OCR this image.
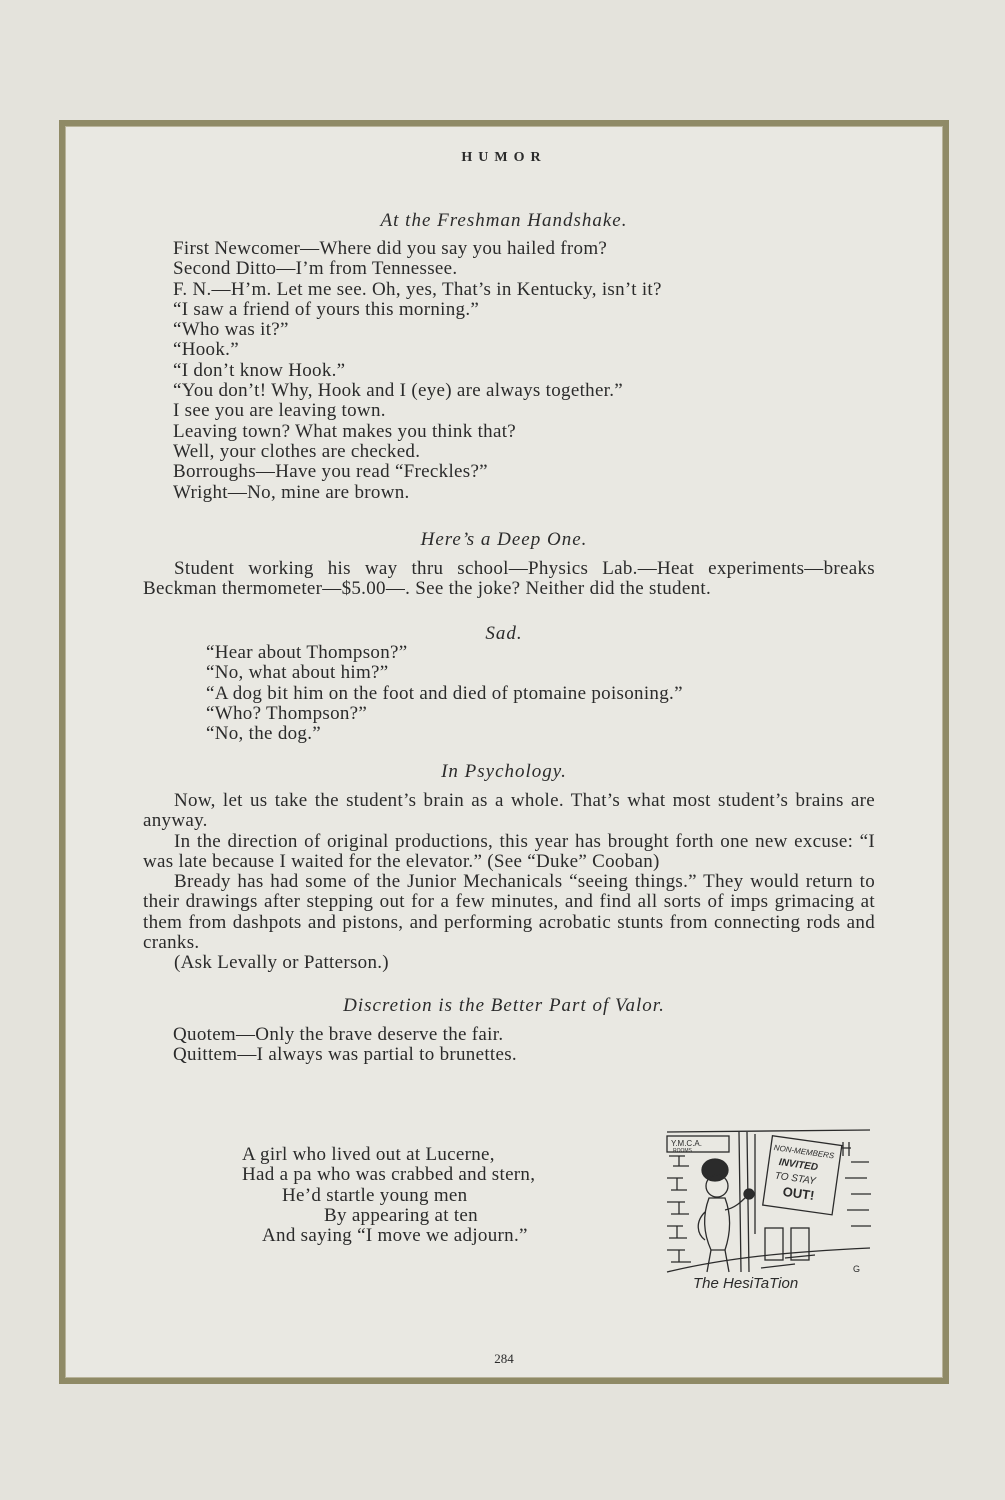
HUMOR
At the Freshman Handshake.
First Newcomer—Where did you say you hailed from?
Second Ditto—I’m from Tennessee.
F. N.—H’m. Let me see. Oh, yes, That’s in Kentucky, isn’t it?
“I saw a friend of yours this morning.”
“Who was it?”
“Hook.”
“I don’t know Hook.”
“You don’t! Why, Hook and I (eye) are always together.”
I see you are leaving town.
Leaving town? What makes you think that?
Well, your clothes are checked.
Borroughs—Have you read “Freckles?”
Wright—No, mine are brown.
Here’s a Deep One.

Student working his way thru school—Physics Lab.—Heat experiments—breaks Beckman thermometer—$5.00—. See the joke? Neither did the student.

Sad.
“Hear about Thompson?”
“No, what about him?”
“A dog bit him on the foot and died of ptomaine poisoning.”
“Who? Thompson?”
“No, the dog.”
In Psychology.

Now, let us take the student’s brain as a whole. That’s what most student’s brains are anyway.

In the direction of original productions, this year has brought forth one new excuse: “I was late because I waited for the elevator.” (See “Duke” Cooban)

Bready has had some of the Junior Mechanicals “seeing things.” They would return to their drawings after stepping out for a few minutes, and find all sorts of imps grimacing at them from dashpots and pistons, and performing acrobatic stunts from connecting rods and cranks.

(Ask Levally or Patterson.)

Discretion is the Better Part of Valor.
Quotem—Only the brave deserve the fair.
Quittem—I always was partial to brunettes.
A girl who lived out at Lucerne,
Had a pa who was crabbed and stern,
He’d startle young men
By appearing at ten
And saying “I move we adjourn.”
Y.M.C.A.
ROOMS	NON-MEMBERS
INVITED
TO STAY
OUT!
G
The HesiTaTion
284
